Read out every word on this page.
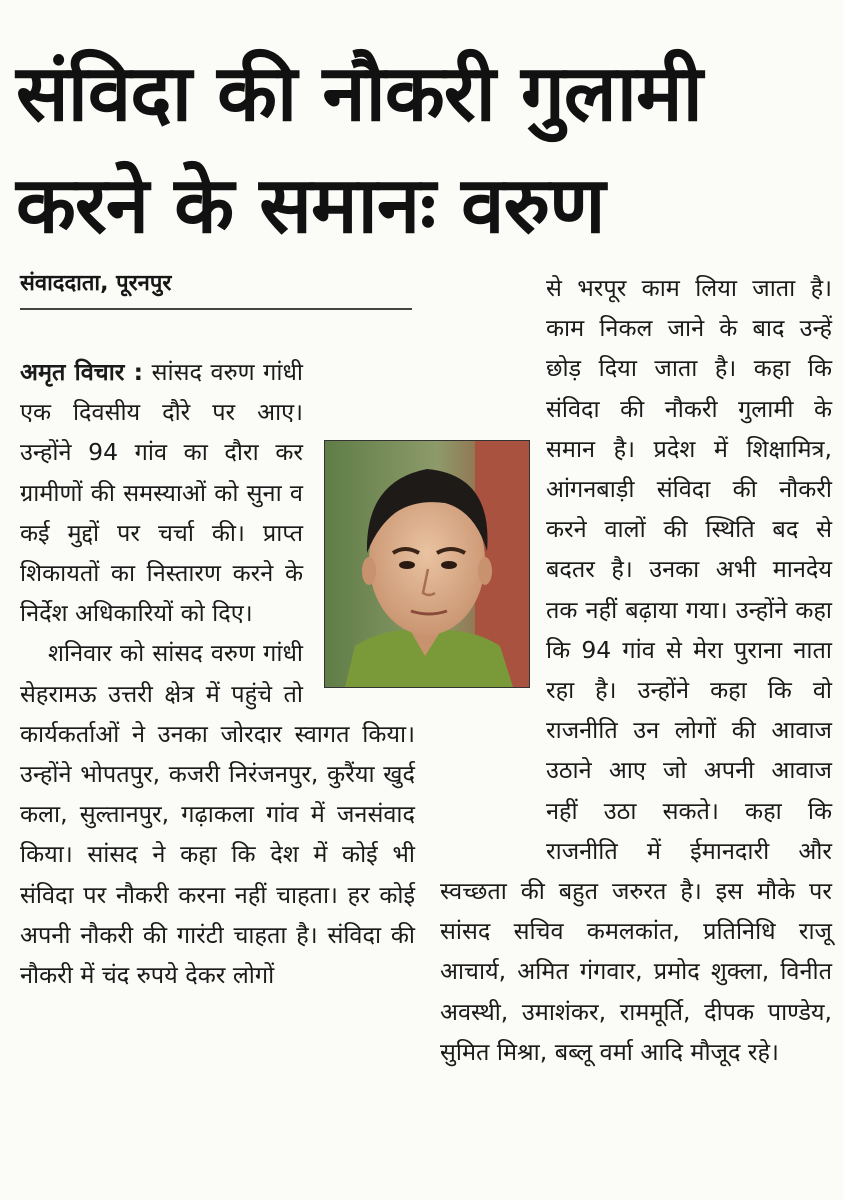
संविदा की नौकरी गुलामी
करने के समानः वरुण
संवाददाता, पूरनपुर

अमृत विचार : सांसद वरुण गांधी एक दिवसीय दौरे पर आए। उन्होंने 94 गांव का दौरा कर ग्रामीणों की समस्याओं को सुना व कई मुद्दों पर चर्चा की। प्राप्त शिकायतों का निस्तारण करने के निर्देश अधिकारियों को दिए।

शनिवार को सांसद वरुण गांधी सेहरामऊ उत्तरी क्षेत्र में पहुंचे तो कार्यकर्ताओं ने उनका जोरदार स्वागत किया। उन्होंने भोपतपुर, कजरी निरंजनपुर, कुरैंया खुर्द कला, सुल्तानपुर, गढ़ाकला गांव में जनसंवाद किया। सांसद ने कहा कि देश में कोई भी संविदा पर नौकरी करना नहीं चाहता। हर कोई अपनी नौकरी की गारंटी चाहता है। संविदा की नौकरी में चंद रुपये देकर लोगों

से भरपूर काम लिया जाता है। काम निकल जाने के बाद उन्हें छोड़ दिया जाता है। कहा कि संविदा की नौकरी गुलामी के समान है। प्रदेश में शिक्षामित्र, आंगनबाड़ी संविदा की नौकरी करने वालों की स्थिति बद से बदतर है। उनका अभी मानदेय तक नहीं बढ़ाया गया। उन्होंने कहा कि 94 गांव से मेरा पुराना नाता रहा है। उन्होंने कहा कि वो राजनीति उन लोगों की आवाज उठाने आए जो अपनी आवाज नहीं उठा सकते। कहा कि राजनीति में ईमानदारी और स्वच्छता की बहुत जरुरत है। इस मौके पर सांसद सचिव कमलकांत, प्रतिनिधि राजू आचार्य, अमित गंगवार, प्रमोद शुक्ला, विनीत अवस्थी, उमाशंकर, राममूर्ति, दीपक पाण्डेय, सुमित मिश्रा, बब्लू वर्मा आदि मौजूद रहे।
